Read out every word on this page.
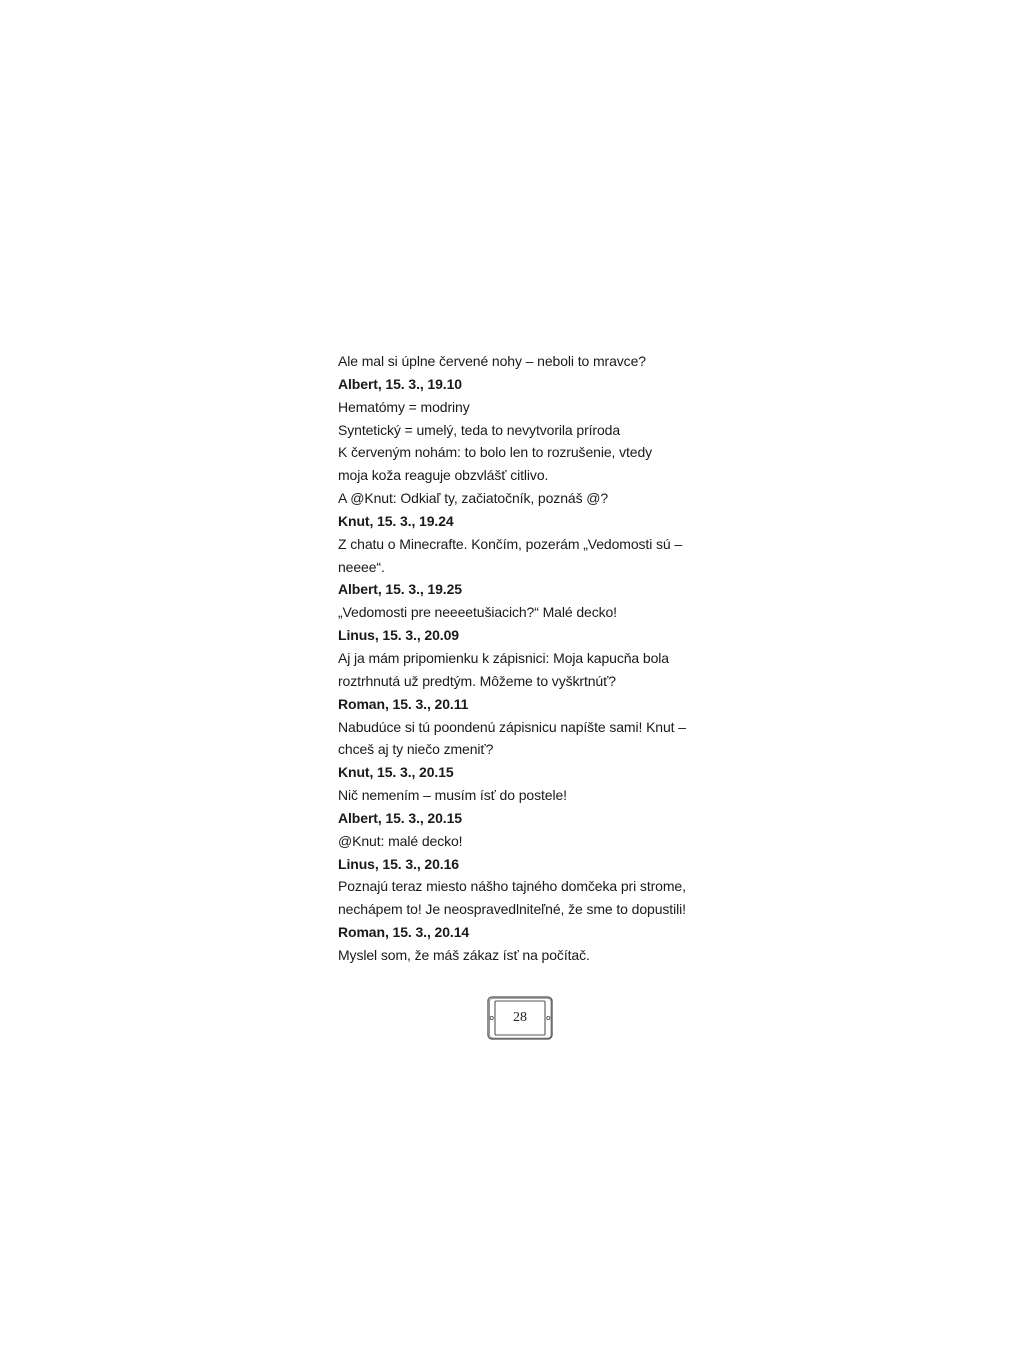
Ale mal si úplne červené nohy – neboli to mravce?
Albert, 15. 3., 19.10
Hematómy = modriny
Syntetický = umelý, teda to nevytvorila príroda
K červeným nohám: to bolo len to rozrušenie, vtedy
moja koža reaguje obzvlášť citlivo.
A @Knut: Odkiaľ ty, začiatočník, poznáš @?
Knut, 15. 3., 19.24
Z chatu o Minecrafte. Končím, pozerám „Vedomosti sú –
neeee“.
Albert, 15. 3., 19.25
„Vedomosti pre neeeetušiacich?“ Malé decko!
Linus, 15. 3., 20.09
Aj ja mám pripomienku k zápisnici: Moja kapucňa bola
roztrhnutá už predtým. Môžeme to vyškrtnúť?
Roman, 15. 3., 20.11
Nabudúce si tú poondenú zápisnicu napíšte sami! Knut –
chceš aj ty niečo zmeniť?
Knut, 15. 3., 20.15
Nič nemením – musím ísť do postele!
Albert, 15. 3., 20.15
@Knut: malé decko!
Linus, 15. 3., 20.16
Poznajú teraz miesto nášho tajného domčeka pri strome,
nechápem to! Je neospravedlniteľné, že sme to dopustili!
Roman, 15. 3., 20.14
Myslel som, že máš zákaz ísť na počítač.
28
